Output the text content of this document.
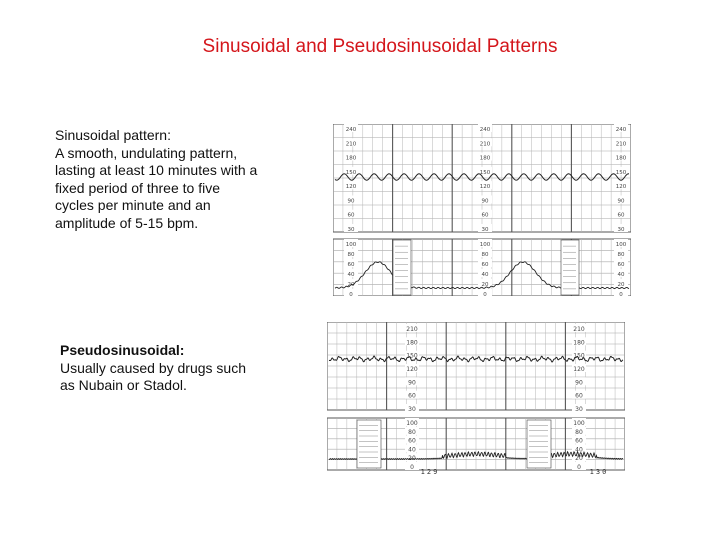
Sinusoidal and Pseudosinusoidal Patterns
Sinusoidal pattern:
A smooth, undulating pattern,
lasting at least 10 minutes with a
fixed period of three to five
cycles per minute and an
amplitude of 5-15 bpm.
Pseudosinusoidal:
Usually caused by drugs such
as Nubain or Stadol.
240
210
180
150
120
90
60
30
240
210
180
150
120
90
60
30
240
210
180
150
120
90
60
30
100
80
60
40
20
0
100
80
60
40
20
0
100
80
60
40
20
0
210
180
150
120
90
60
30
210
180
150
120
90
60
30
100
80
60
40
20
0
100
80
60
40
20
0
129	130
